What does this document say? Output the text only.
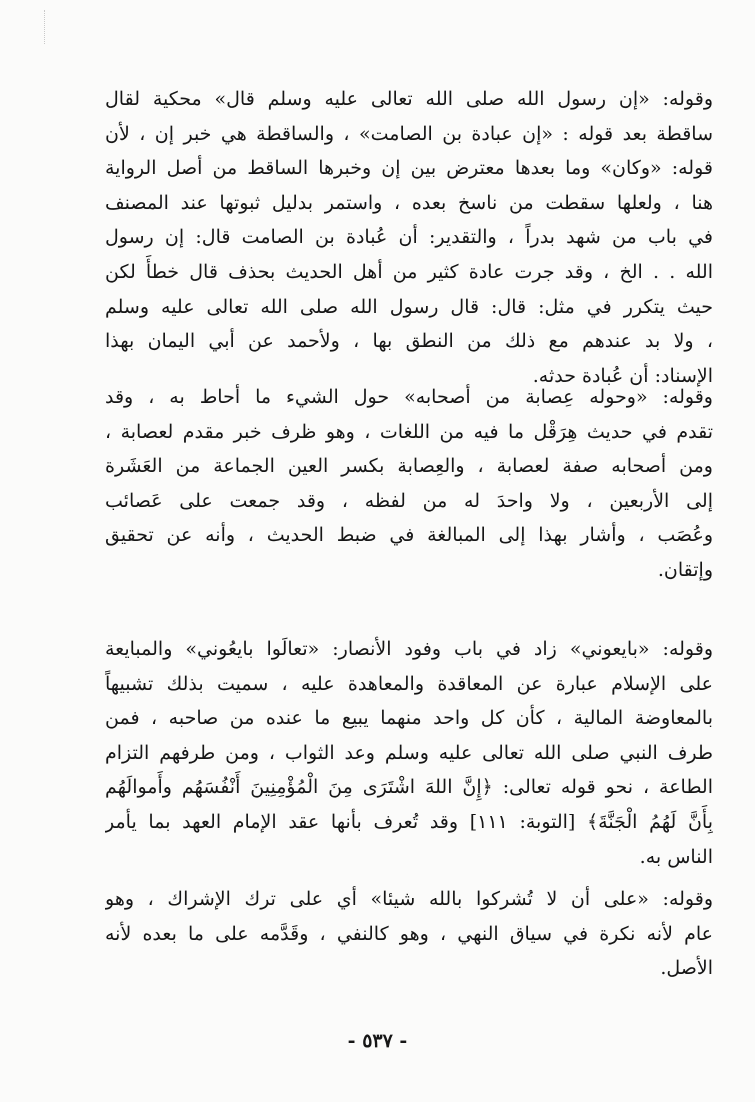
وقوله: «إن رسول الله صلى الله تعالى عليه وسلم قال» محكية لقال
ساقطة بعد قوله : «إن عبادة بن الصامت» ، والساقطة هي خبر إن ، لأن
قوله: «وكان» وما بعدها معترض بين إن وخبرها الساقط من أصل الرواية
هنا ، ولعلها سقطت من ناسخ بعده ، واستمر بدليل ثبوتها عند المصنف
في باب من شهد بدراً ، والتقدير: أن عُبادة بن الصامت قال: إن رسول
الله . . الخ ، وقد جرت عادة كثير من أهل الحديث بحذف قال خطأً لكن
حيث يتكرر في مثل: قال: قال رسول الله صلى الله تعالى عليه وسلم
، ولا بد عندهم مع ذلك من النطق بها ، ولأحمد عن أبي اليمان بهذا
الإسناد: أن عُبادة حدثه.
وقوله: «وحوله عِصابة من أصحابه» حول الشيء ما أحاط به ، وقد
تقدم في حديث هِرَقْل ما فيه من اللغات ، وهو ظرف خبر مقدم لعصابة ،
ومن أصحابه صفة لعصابة ، والعِصابة بكسر العين الجماعة من العَشَرة
إلى الأربعين ، ولا واحدَ له من لفظه ، وقد جمعت على عَصائب
وعُصَب ، وأشار بهذا إلى المبالغة في ضبط الحديث ، وأنه عن تحقيق
وإتقان.
وقوله: «بايعوني» زاد في باب وفود الأنصار: «تعالَوا بايعُوني» والمبايعة
على الإسلام عبارة عن المعاقدة والمعاهدة عليه ، سميت بذلك تشبيهاً
بالمعاوضة المالية ، كأن كل واحد منهما يبيع ما عنده من صاحبه ، فمن
طرف النبي صلى الله تعالى عليه وسلم وعد الثواب ، ومن طرفهم التزام
الطاعة ، نحو قوله تعالى: ﴿إِنَّ اللهَ اشْتَرَى مِنَ الْمُؤْمِنِينَ أَنْفُسَهُم وأَموالَهُم
بِأَنَّ لَهُمُ الْجَنَّةَ﴾ [التوبة: ١١١] وقد تُعرف بأنها عقد الإمام العهد بما يأمر
الناس به.
وقوله: «على أن لا تُشركوا بالله شيئا» أي على ترك الإشراك ، وهو
عام لأنه نكرة في سياق النهي ، وهو كالنفي ، وقَدَّمه على ما بعده لأنه
الأصل.
- ٥٣٧ -
